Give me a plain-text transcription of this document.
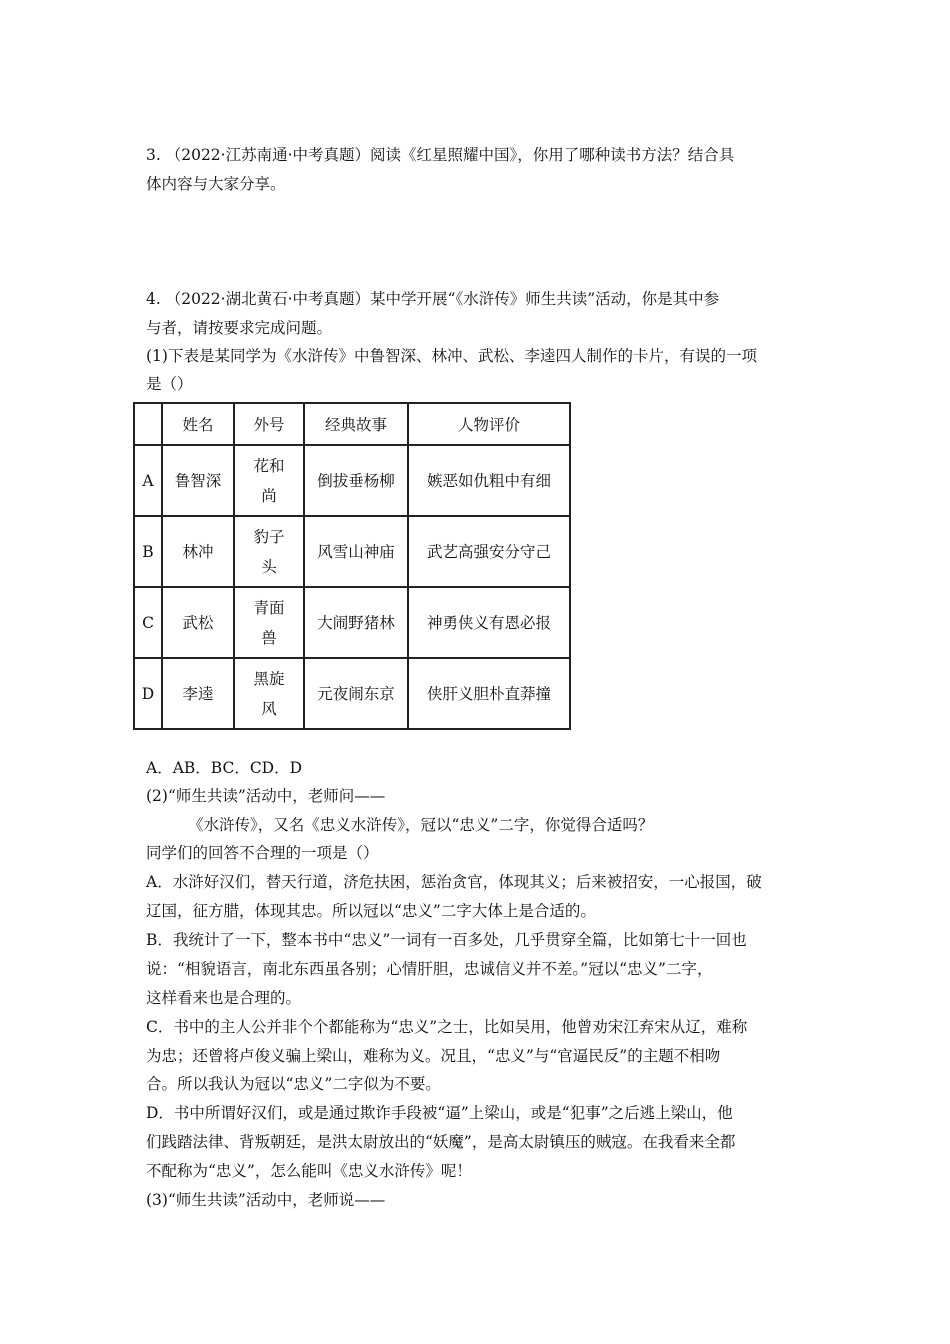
3. （2022·江苏南通·中考真题）阅读《红星照耀中国》，你用了哪种读书方法？结合具
体内容与大家分享。
4. （2022·湖北黄石·中考真题）某中学开展“《水浒传》师生共读”活动，你是其中参
与者，请按要求完成问题。
(1)下表是某同学为《水浒传》中鲁智深、林冲、武松、李逵四人制作的卡片，有误的一项
是（）
	姓名	外号	经典故事	人物评价
A	鲁智深	花和尚	倒拔垂杨柳	嫉恶如仇粗中有细
B	林冲	豹子头	风雪山神庙	武艺高强安分守己
C	武松	青面兽	大闹野猪林	神勇侠义有恩必报
D	李逵	黑旋风	元夜闹东京	侠肝义胆朴直莽撞
A．AB．BC．CD．D
(2)“师生共读”活动中，老师问——
《水浒传》，又名《忠义水浒传》，冠以“忠义”二字，你觉得合适吗？
同学们的回答不合理的一项是（）
A．水浒好汉们，替天行道，济危扶困，惩治贪官，体现其义；后来被招安，一心报国，破
辽国，征方腊，体现其忠。所以冠以“忠义”二字大体上是合适的。
B．我统计了一下，整本书中“忠义”一词有一百多处，几乎贯穿全篇，比如第七十一回也
说：“相貌语言，南北东西虽各别；心情肝胆，忠诚信义并不差。”冠以“忠义”二字，
这样看来也是合理的。
C．书中的主人公并非个个都能称为“忠义”之士，比如吴用，他曾劝宋江弃宋从辽，难称
为忠；还曾将卢俊义骗上梁山，难称为义。况且，“忠义”与“官逼民反”的主题不相吻
合。所以我认为冠以“忠义”二字似为不要。
D．书中所谓好汉们，或是通过欺诈手段被“逼”上梁山，或是“犯事”之后逃上梁山，他
们践踏法律、背叛朝廷，是洪太尉放出的“妖魔”，是高太尉镇压的贼寇。在我看来全都
不配称为“忠义”，怎么能叫《忠义水浒传》呢！
(3)“师生共读”活动中，老师说——
